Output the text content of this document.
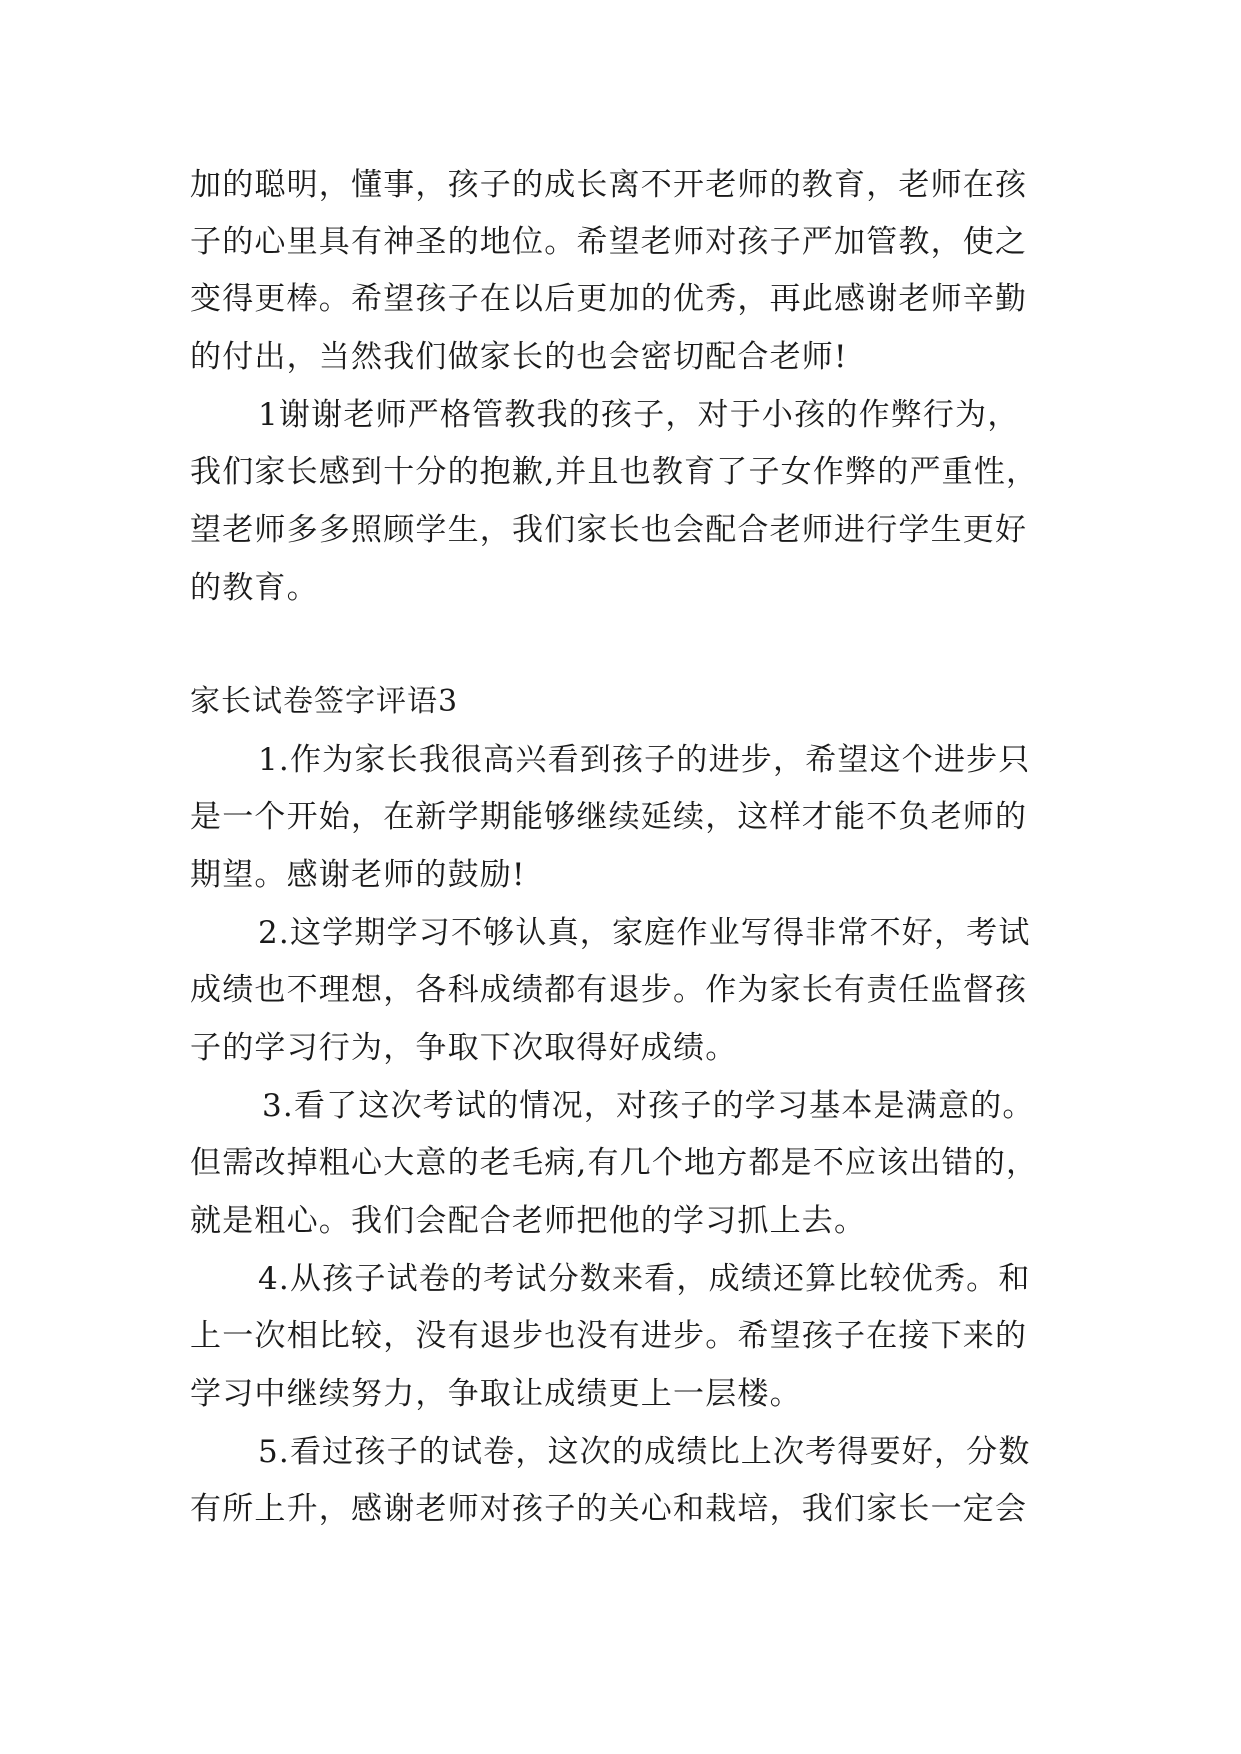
加的聪明，懂事，孩子的成长离不开老师的教育，老师在孩
子的心里具有神圣的地位。希望老师对孩子严加管教，使之
变得更棒。希望孩子在以后更加的优秀，再此感谢老师辛勤
的付出，当然我们做家长的也会密切配合老师!
1谢谢老师严格管教我的孩子，对于小孩的作弊行为，
我们家长感到十分的抱歉,并且也教育了子女作弊的严重性，
望老师多多照顾学生，我们家长也会配合老师进行学生更好
的教育。
家长试卷签字评语3
1.作为家长我很高兴看到孩子的进步，希望这个进步只
是一个开始，在新学期能够继续延续，这样才能不负老师的
期望。感谢老师的鼓励!
2.这学期学习不够认真，家庭作业写得非常不好，考试
成绩也不理想，各科成绩都有退步。作为家长有责任监督孩
子的学习行为，争取下次取得好成绩。
3.看了这次考试的情况，对孩子的学习基本是满意的。
但需改掉粗心大意的老毛病,有几个地方都是不应该出错的，
就是粗心。我们会配合老师把他的学习抓上去。
4.从孩子试卷的考试分数来看，成绩还算比较优秀。和
上一次相比较，没有退步也没有进步。希望孩子在接下来的
学习中继续努力，争取让成绩更上一层楼。
5.看过孩子的试卷，这次的成绩比上次考得要好，分数
有所上升，感谢老师对孩子的关心和栽培，我们家长一定会
